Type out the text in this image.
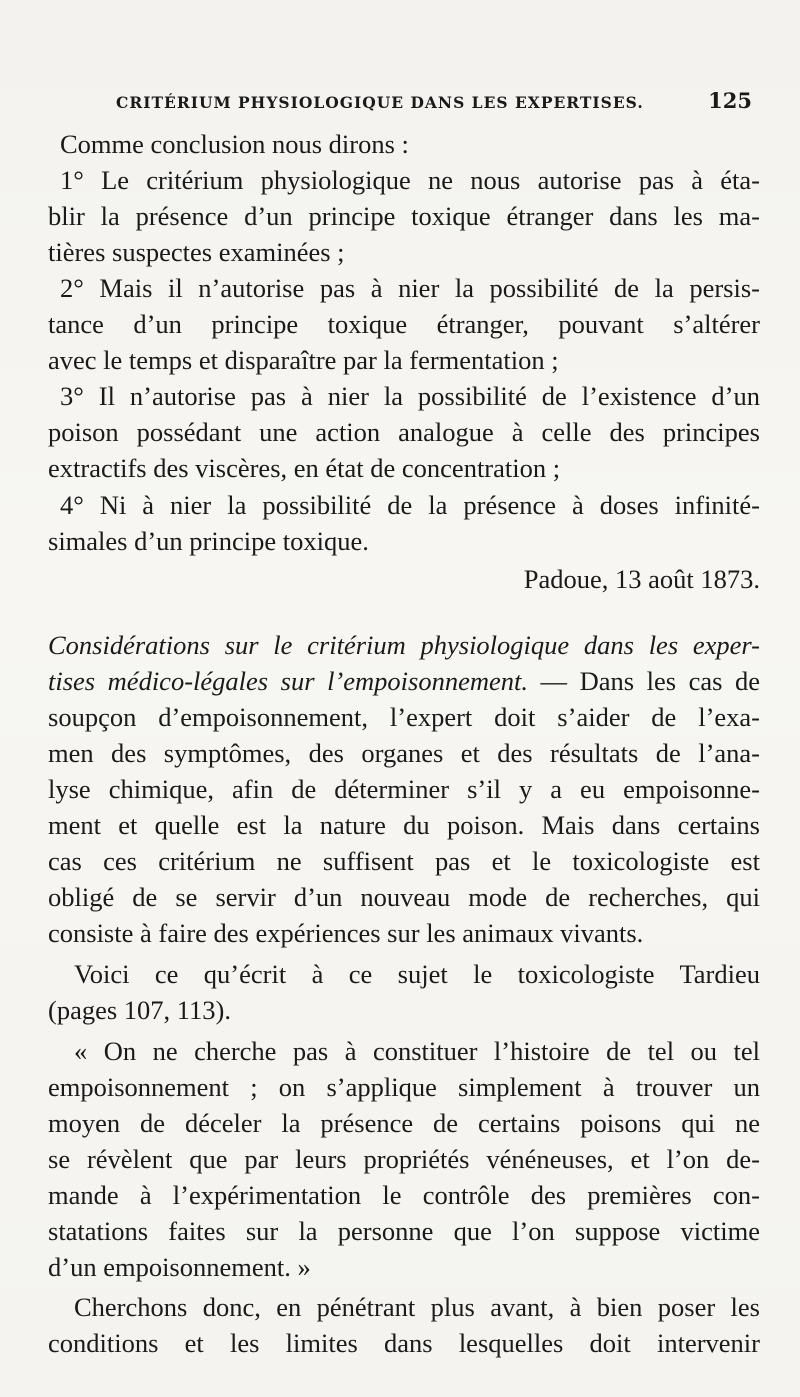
CRITÉRIUM PHYSIOLOGIQUE DANS LES EXPERTISES.	125
Comme conclusion nous dirons :
1° Le critérium physiologique ne nous autorise pas à éta-
blir la présence d’un principe toxique étranger dans les ma-
tières suspectes examinées ;
2° Mais il n’autorise pas à nier la possibilité de la persis-
tance d’un principe toxique étranger, pouvant s’altérer
avec le temps et disparaître par la fermentation ;
3° Il n’autorise pas à nier la possibilité de l’existence d’un
poison possédant une action analogue à celle des principes
extractifs des viscères, en état de concentration ;
4° Ni à nier la possibilité de la présence à doses infinité-
simales d’un principe toxique.
Padoue, 13 août 1873.
Considérations sur le critérium physiologique dans les exper-
tises médico-légales sur l’empoisonnement. — Dans les cas de
soupçon d’empoisonnement, l’expert doit s’aider de l’exa-
men des symptômes, des organes et des résultats de l’ana-
lyse chimique, afin de déterminer s’il y a eu empoisonne-
ment et quelle est la nature du poison. Mais dans certains
cas ces critérium ne suffisent pas et le toxicologiste est
obligé de se servir d’un nouveau mode de recherches, qui
consiste à faire des expériences sur les animaux vivants.
Voici ce qu’écrit à ce sujet le toxicologiste Tardieu
(pages 107, 113).
« On ne cherche pas à constituer l’histoire de tel ou tel
empoisonnement ; on s’applique simplement à trouver un
moyen de déceler la présence de certains poisons qui ne
se révèlent que par leurs propriétés vénéneuses, et l’on de-
mande à l’expérimentation le contrôle des premières con-
statations faites sur la personne que l’on suppose victime
d’un empoisonnement. »
Cherchons donc, en pénétrant plus avant, à bien poser les
conditions et les limites dans lesquelles doit intervenir
